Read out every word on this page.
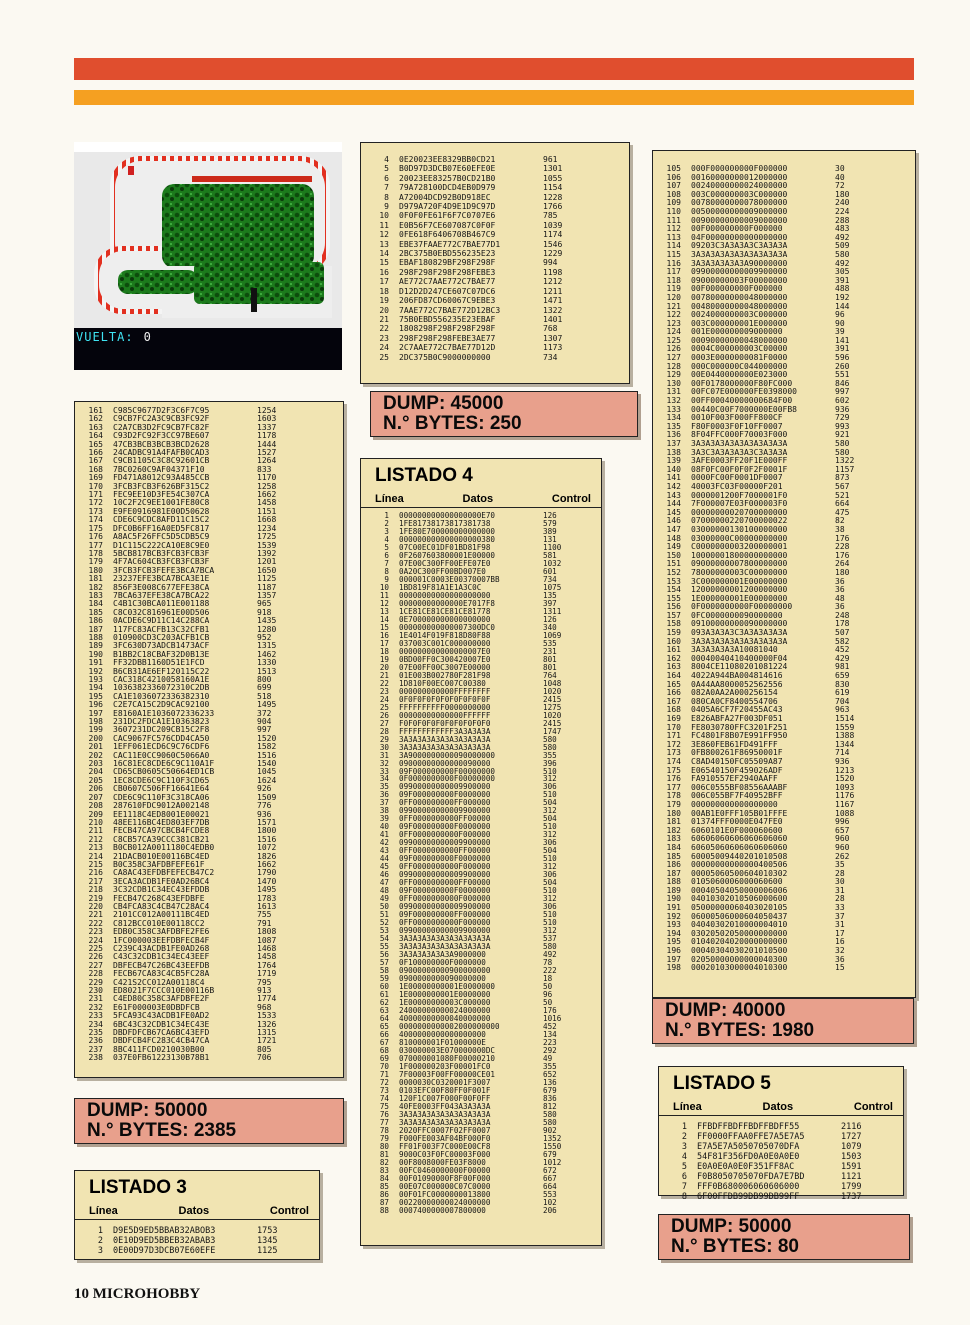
VUELTA: 0
161	C985C9677D2F3C6F7C95	1254
162	C9CB7FC2A3C9CB3FC92F	1603
163	C2A7CB3D2FC9CB7FC82F	1337
164	C93D2FC92F3CC97BE607	1178
165	47CB3BCB3BCB3BCD2628	1444
166	24CADBC91A4FAFB0CAD3	1527
167	C9CB1105C3C8C92601CB	1264
168	7BC0260C9AF04371F10	833
169	FD471A8012C93A485CCB	1170
170	3FCB3FCB3F626BF315C2	1258
171	FEC9EE10D3FE54C307CA	1662
172	10C2F2C9EE1001FE80C8	1458
173	E9FE0916981E00D50628	1151
174	CDE6C9CDC8AFD11C15C2	1668
175	DFC0B6FF16A0ED5FC817	1234
176	A8AC5F26FFC5D5CDB5C9	1725
177	D1C115C222CA10E8C9E0	1539
178	5BCB817BCB3FCB3FCB3F	1392
179	4F7AC604CB3FCB3FCB3F	1201
180	3FCB3FCB3FEFE3BCA7BCA	1650
181	23237EFE3BCA7BCA3E1E	1125
182	856F3E008C677EFE38CA	1187
183	7BCA637EFE38CA7BCA22	1357
184	C4B1C30BCA011E001188	965
185	C8C032C816961E00D506	918
186	0ACDE6C9D11C14C288CA	1435
187	117FC83ACFB13C32CFB1	1280
188	010900CD3C203ACFB1CB	952
189	3FC630D73ADCB1473ACF	1315
190	B1BB2C18CBAF32D0B13E	1462
191	FF32DBB1160D51E1FCD	1330
192	B6CB31AE6EF120115C22	1513
193	CAC318C4210058160A1E	800
194	1036382336072310C2DB	699
195	CA1E1036072336382310	518
196	C2E7CA15C2D9CAC92100	1495
197	E8160A1E1036072336233	372
198	231DC2FDCA1E10363823	904
199	3607231DC209CB15C2F8	997
200	CAC9067FC576CDD4CA50	1520
201	1EFF061ECD6C9C76CDF6	1582
202	CAC11E0CC9060C5066A0	1516
203	16C81EC8CDE6C9C110A1F	1540
204	CD65CB0605C50664ED1CB	1045
205	1EC8CDE6C9C110F3CD65	1624
206	CB0607C506FF16641E64	926
207	CDE6C9C110F3C318CA06	1509
208	287610FDC9012A002148	776
209	EE1118C4ED8001E00021	936
210	48EE116BC4ED803EF7DB	1571
211	FECB47CA97CBCB4FCDE8	1800
212	C8CB57CA39CCC381CB21	1516
213	B0CB012A0011180C4EDB0	1072
214	21DACB010E00116BC4ED	1826
215	B0C358C3AFDBFEFE61F	1662
216	CA8AC43EFDBFEFECB47C2	1790
217	3ECA3ACDB1FE0AD26BC4	1470
218	3C32CDB1C34EC43EFDDB	1495
219	FECB47C268C43EFDBFE	1783
220	CB4FCA83C4CB47C28AC4	1613
221	2101CC012A00111BC4ED	755
222	C812BCC010E00118CC2	791
223	EDB0C358C3AFDBFE2FE6	1808
224	1FC000003EEFDBFECB4F	1087
225	C239C43ACDB1FE0AD268	1468
226	C43C32CDB1C34EC43EEF	1458
227	DBFECB47C26BC43EEFDB	1764
228	FECB67CA83C4CB5FC28A	1719
229	C421S2CC012A00118C4	795
230	ED8021F7CCC010E00116B	913
231	C4ED80C358C3AFDBFE2F	1774
232	E61F000003E0DBDFCB	968
233	5FCA93C43ACDB1FE0AD2	1533
234	6BC43C32CDB1C34EC43E	1326
235	DBDFDFCB67CA6BC43EFD	1315
236	DBDFCB4FC283C4CB47CA	1721
237	8BC411FCD0210030B00	805
238	037E0FB61223130B78B1	706
DUMP: 50000
N.° BYTES: 2385
LISTADO 3
Línea	Datos	Control
1	D9E5D9ED5BBAB32ABOB3	1753
2	0E10D9ED5BBEB32ABAB3	1345
3	0E00D97D3DCB07E60EFE	1125
4	0E20023EE8329BB0CD21	961
5	B0D97D3DCB07E60EFE0E	1301
6	20023EE83257B0CD21B0	1055
7	79A728100DCD4EB0D979	1154
8	A72004DCD92B0D918EC	1228
9	D979A720F4D9E1D9C97D	1766
10	0F0F0FE61F6F7C0707E6	785
11	E0B56F7CE607087C0F0F	1039
12	0FE618F6406708B467C9	1174
13	EBE37FAAE772C7BAE77D1	1546
14	2BC375B0EBD556235E23	1229
15	EBAF180829BF298F298F	994
16	298F298F298F298FEBE3	1198
17	AE772C7AAE772C7BAE77	1212
18	D12D2D247CE607C07DC6	1211
19	206FD87CD60067C9EBE3	1471
20	7AAE772C7BAE772D12BC3	1322
21	75B0EBD556235E23EBAF	1401
22	1808298F298F298F298F	768
23	298F298F298FEBE3AE77	1307
24	2C7AAE772C7BAE77D12D	1173
25	2DC375B0C9000000000	734
DUMP: 45000
N.° BYTES: 250
LISTADO 4
Línea	Datos	Control
1	000000000000000000E70	126
2	1FE81738173817381738	579
3	1FE80E700000000000000	389
4	000000000000000000380	131
5	07C00EC01DF01BD81F98	1100
6	0F2607603800001E00000	581
7	07E00C300FF00EFE07E0	1032
8	0A20C300FF00BD007E0	601
9	000001C0003E00370007BB	734
10	1BD819F81A1E1A3C0C	1075
11	00000000000000000000	135
12	00000000000000E7017F8	397
13	1CE81CE81CE81CE81778	1311
14	0E700000000000000000	126
15	000000000000007300DC0	340
16	1E4014F019F818D80F88	1069
17	037003C001C000000000	535
18	000000000000000007E0	231
19	0BD00FF0C300420007E0	801
20	07E00FF00C3007E00000	801
21	01E003B002780F281F98	764
22	1D810F00EC007C00380	1048
23	000000000000FFFFFFFF	1020
24	0F0F0F0F0F0F0F0F0F0F	2415
25	FFFFFFFFFF0000000000	1275
26	00000000000000FFFFFF	1020
27	F0F0F0F0F0F0F0F0F0F0	2415
28	FFFFFFFFFFFF3A3A3A3A	1747
29	3A3A3A3A3A3A3A3A3A3A	580
30	3A3A3A3A3A3A3A3A3A3A	580
31	3A9000000000090000000	355
32	09000000000000090000	396
33	09F000000000F00000000	510
34	0F0000000000F00000000	312
35	09900000000009900000	306
36	09F000000000F0000000	510
37	0FF000000000FF000000	504
38	09900000000009900000	312
39	0FF0000000000FF00000	504
40	09F000000000F0000000	510
41	0FF0000000000F000000	312
42	09900000000009900000	306
43	0FF0000000000FF00000	504
44	09F000000000F0000000	510
45	0FF0000000000F000000	312
46	09900000000009900000	306
47	0FF0000000000FF00000	504
48	09F000000000F0000000	510
49	0FF0000000000F000000	312
50	09900000000009900000	306
51	09F000000000FF000000	510
52	0FF0000000000F000000	510
53	09900000000009900000	312
54	3A3A3A3A3A3A3A3A3A3A	537
55	3A3A3A3A3A3A3A3A3A3A	580
56	3A3A3A3A3A3A9000000	492
57	0F100000000F0000000	78
58	09000000000900000000	222
59	0900000000090000000	18
60	1E00000000001E0000000	50
61	1E0000000001E0000000	96
62	1E00000000003C000000	50
63	24000000000024000000	176
64	40000000000040000000	1016
65	0000000000002000000000	452
66	4000000000000000000	134
67	810000001F01000000E	223
68	030000003E070000000DC	292
69	070000001080F00000210	49
70	1F000000203F00001FC0	355
71	7F00003F00FF00000CE01	652
72	0000030C0320001F3007	136
73	0103EFC00F80FF0F001F	679
74	120F1C007F000F00F0FF	836
75	40FE0003FF043A3A3A3A	812
76	3A3A3A3A3A3A3A3A3A3A	580
77	3A3A3A3A3A3A3A3A3A3A	580
78	2020FFC0007F02FF0007	902
79	F000FE003AF04BF000F0	1352
80	FF01F003F7C000E00CF8	1550
81	9000C03F0FC00003F000	679
82	00F8008000FE03F8000	1012
83	00FC0460000000F00000	672
84	00F01090000F8F00F000	667
85	00E07C000000C07C0000	664
86	00F01FC0000000013800	553
87	00220000000024000000	102
88	0007400000007800000	206
105	000F000000000F000000	30
106	00160000000012000000	40
107	00240000000024000000	72
108	003C000000003C000000	180
109	00780000000078000000	240
110	00500000000009000000	224
111	00900000000009000000	288
112	00F000000000F000000	483
113	04F00000000000000000	492
114	09203C3A3A3A3C3A3A3A	509
115	3A3A3A3A3A3A3A3A3A3A	580
116	3A3A3A3A3A3A90000000	492
117	09900000000009900000	305
118	09000000003F00000000	391
119	00F000000000F000000	488
120	00780000000048000000	192
121	00480000000048000000	144
122	0024000000003C000000	96
123	003C000000001E000000	90
124	001E000000009000000	39
125	00090000000048000000	141
126	0004C000000003C00000	391
127	0003E0000000081F0000	596
128	000C000000C044000000	260
129	00E0440000000E023000	551
130	00F0178000000F80FC000	846
131	00FC07E000000FE0398000	997
132	00FF00040000000684F00	602
133	00440C00F7000000E00FB8	936
134	0010F003F000FF800CF	729
135	F80F0003F0F10FF0007	993
136	8F04FFC000F70003F000	921
137	3A3A3A3A3A3A3A3A3A3A	580
138	3A3C3A3A3A3A3C3A3A3A	580
139	3AFE0003FF20F1E000FF	1322
140	08F0FC00F0F0F2F0001F	1157
141	0000FC00F0001DF0007	873
142	40003FC03F00000F201	567
143	0000001200F7000001F0	521
144	7F000007E03F000003F0	664
145	00000000020700000000	475
146	07000000220700000022	82
147	03000000130100000000	38
148	03000000C00000000000	176
149	C0000000003200000001	228
150	10000001800000000000	176
151	09000000007800000000	264
152	78000000003C00000000	180
153	3C000000001E00000000	36
154	12000000001200000000	36
155	1E000000001E00000000	48
156	0F0000000000F00000000	36
157	0FC0000000090000000	248
158	09100000000090000000	178
159	093A3A3A3C3A3A3A3A3A	507
160	3A3A3A3A3A3A3A3A3A3A	582
161	3A3A3A3A3A10081040	452
162	00040040410400000F04	429
163	8004CE11080201081224	981
164	4022A944BA004814616	659
165	0A44AA8000052562556	830
166	082A0AA2A000256154	619
167	080CA0CF8400554706	704
168	0405A6CF7F20455AC43	963
169	E826ABFA27F003DF051	1514
170	FE8030780FFC3201F251	1559
171	FC4801F8B07E991FF950	1388
172	3E860FEB61FD491FFF	1344
173	0FB800261F86950001F	714
174	C8AD40150FC05509A87	936
175	E06540150F459026ADF	1213
176	FA910557EF2940AAFF	1520
177	006C0555BF08556AAABF	1093
178	006C055BF7F40952BFF	1176
179	000000000000000000	1167
180	00AB1E0FFF105B01FFFE	1088
181	01374FFF0000E047FE0	996
182	6060101E0F000060600	657
183	60606060606060606060	960
184	60605060606060606060	960
185	60005009440201010508	262
186	00000000000000400506	35
187	00005060500604010302	28
188	0105060006000060600	30
189	00040504050000006006	31
190	04010302010506000600	28
191	05000000060403020105	33
192	06000506000604050437	37
193	04040302010000004010	31
194	03020502050000000000	17
195	01040204020000000000	16
196	00040304030201010500	32
197	02050000000000040300	36
198	00020103000004010300	15
DUMP: 40000
N.° BYTES: 1980
LISTADO 5
Línea	Datos	Control
1	FFBDFFBDFFBDFFBDFF55	2116
2	FF0000FFAA0FFE7A5E7A5	1727
3	E7A5E7A5050705070DFA	1079
4	54F81F356FD0A0E0A0E0	1503
5	E0A0E0A0E0F351FF8AC	1591
6	F0B8050705070FDA7E7BD	1121
7	FFF0B680006060606000	1799
8	6F00FFDB99DB99DB99FF	1737
DUMP: 50000
N.° BYTES: 80
10 MICROHOBBY
